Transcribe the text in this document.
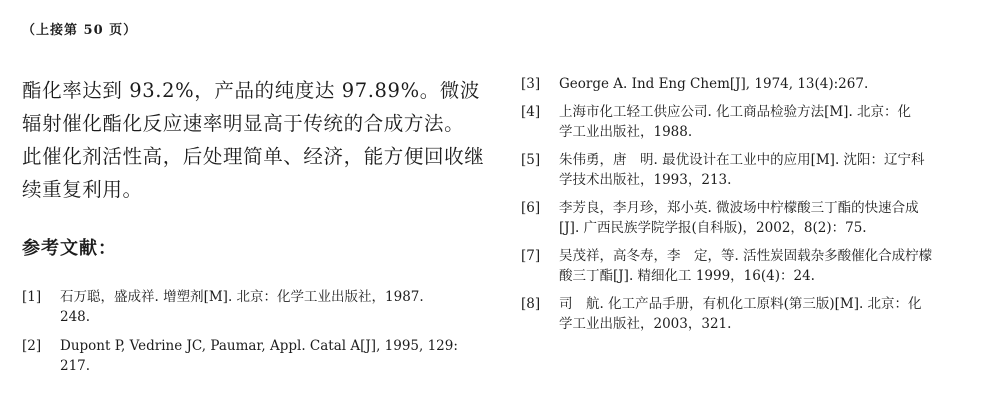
（上接第 50 页）

酯化率达到 93.2%，产品的纯度达 97.89%。微波

辐射催化酯化反应速率明显高于传统的合成方法。

此催化剂活性高，后处理简单、经济，能方便回收继

续重复利用。

参考文献：
[1]	石万聪，盛成祥. 增塑剂[M]. 北京：化学工业出版社，1987.
248.
[2]	Dupont P, Vedrine JC, Paumar, Appl. Catal A[J], 1995, 129:
217.
[3]	George A. Ind Eng Chem[J], 1974, 13(4):267.
[4]	上海市化工轻工供应公司. 化工商品检验方法[M]. 北京：化
学工业出版社，1988.
[5]	朱伟勇，唐　明. 最优设计在工业中的应用[M]. 沈阳：辽宁科
学技术出版社，1993，213.
[6]	李芳良，李月珍，郑小英. 微波场中柠檬酸三丁酯的快速合成
[J]. 广西民族学院学报(自科版)，2002，8(2)：75.
[7]	吴茂祥，高冬寿，李　定，等. 活性炭固载杂多酸催化合成柠檬
酸三丁酯[J]. 精细化工 1999，16(4)：24.
[8]	司　航. 化工产品手册，有机化工原料(第三版)[M]. 北京：化
学工业出版社，2003，321.
